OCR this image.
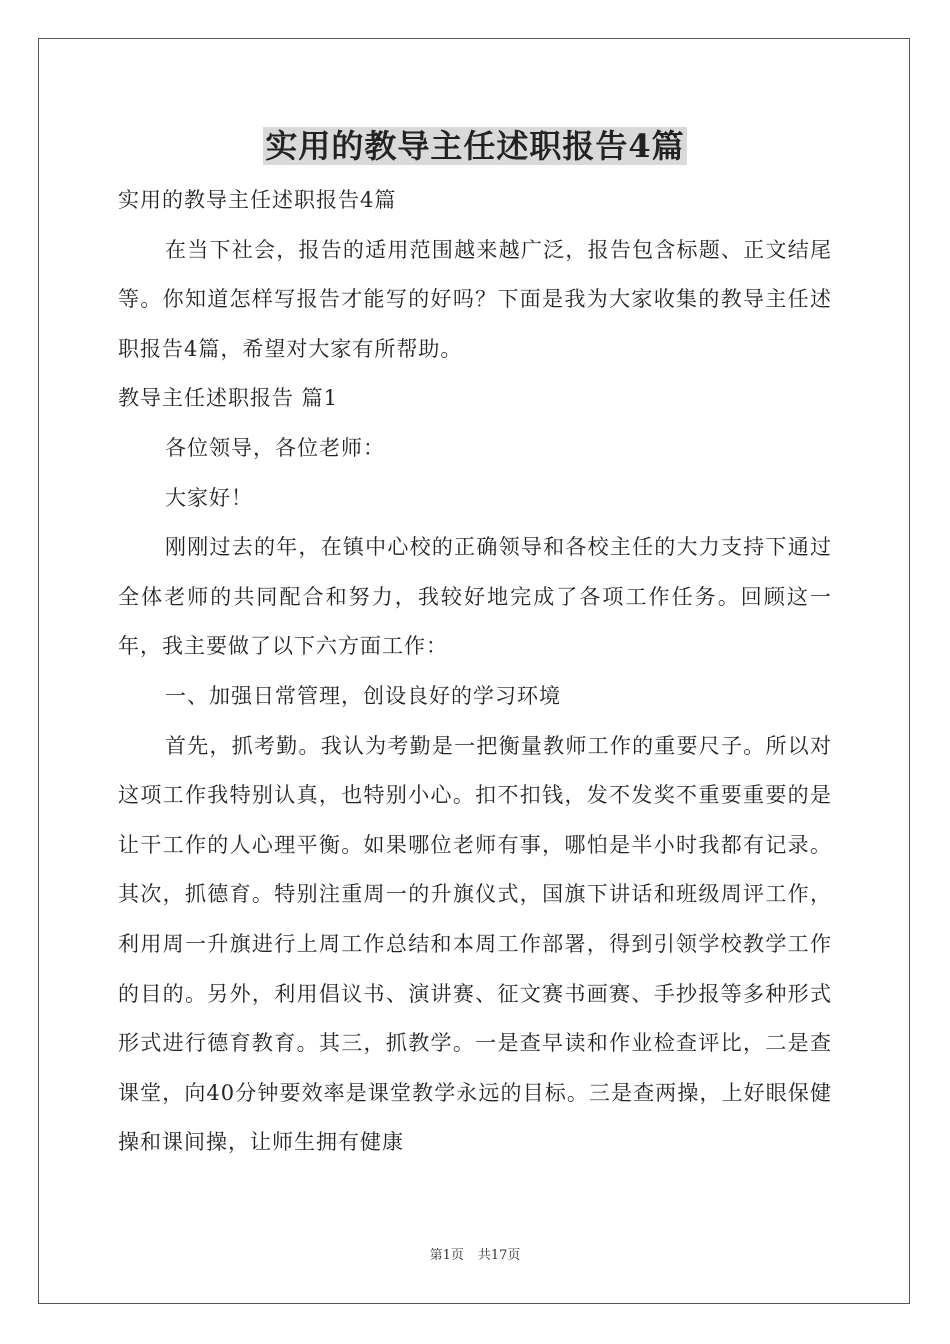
实用的教导主任述职报告4篇

实用的教导主任述职报告4篇

在当下社会，报告的适用范围越来越广泛，报告包含标题、正文结尾等。你知道怎样写报告才能写的好吗？下面是我为大家收集的教导主任述职报告4篇，希望对大家有所帮助。

教导主任述职报告 篇1

各位领导，各位老师：

大家好！

刚刚过去的年，在镇中心校的正确领导和各校主任的大力支持下通过全体老师的共同配合和努力，我较好地完成了各项工作任务。回顾这一年，我主要做了以下六方面工作：

一、加强日常管理，创设良好的学习环境

首先，抓考勤。我认为考勤是一把衡量教师工作的重要尺子。所以对这项工作我特别认真，也特别小心。扣不扣钱，发不发奖不重要重要的是让干工作的人心理平衡。如果哪位老师有事，哪怕是半小时我都有记录。其次，抓德育。特别注重周一的升旗仪式，国旗下讲话和班级周评工作，利用周一升旗进行上周工作总结和本周工作部署，得到引领学校教学工作的目的。另外，利用倡议书、演讲赛、征文赛书画赛、手抄报等多种形式形式进行德育教育。其三，抓教学。一是查早读和作业检查评比，二是查课堂，向40分钟要效率是课堂教学永远的目标。三是查两操，上好眼保健操和课间操，让师生拥有健康

第1页 共17页
